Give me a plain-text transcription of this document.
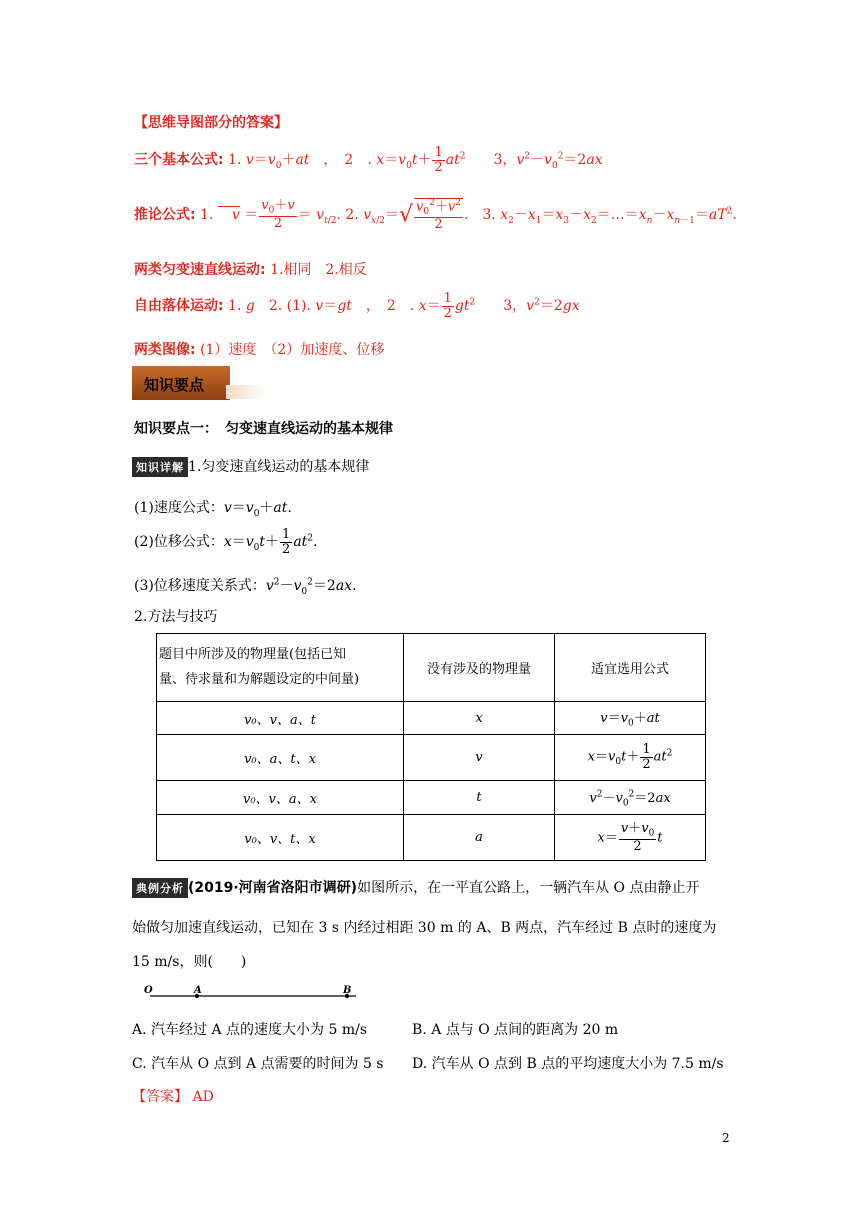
【思维导图部分的答案】
三个基本公式: 1. $v=v_0+at$　，　2　. $x=v_0t+ \frac{1}{2} at^2$　　3，$v^2-v_0^2=2ax$
推论公式: 1. 　$v = \frac{v_0+v}{2} = v_{t/2}$. 2. $v_{x/2}=√ \frac{v_0^2+v^2}{2}$ .　3. $x_2-x_1=x_3-x_2=\dots=x_n-x_{n-1}=aT^2$.
两类匀变速直线运动: 1.相同　2.相反
自由落体运动: 1. g　2. (1). v＝gt　，　2　. $x= \frac{1}{2} gt^2$　　3，$v^2=2gx$
两类图像: (1）速度　（2）加速度、位移
知识要点
知识要点一：　匀变速直线运动的基本规律
知识详解 1.匀变速直线运动的基本规律
(1)速度公式：$v=v_0+at$.
(2)位移公式：$x=v_0t+ \frac{1}{2} at^2$.
(3)位移速度关系式：$v^2-v_0^2=2ax$.
2.方法与技巧
题目中所涉及的物理量(包括已知
量、待求量和为解题设定的中间量)	没有涉及的物理量	适宜选用公式
v₀、v、a、t	x	$v=v_0+at$
v₀、a、t、x	v	$x=v_0t+ \frac{1}{2} at^2$
v₀、v、a、x	t	$v^2-v_0^2=2ax$
v₀、v、t、x	a	$x= \frac{v+v_0}{2}$ t
典例分析 (2019·河南省洛阳市调研)如图所示，在一平直公路上，一辆汽车从 O 点由静止开
始做匀加速直线运动，已知在 3 s 内经过相距 30 m 的 A、B 两点，汽车经过 B 点时的速度为
15 m/s，则(　　)
O	A	B
A. 汽车经过 A 点的速度大小为 5 m/s	B. A 点与 O 点间的距离为 20 m
C. 汽车从 O 点到 A 点需要的时间为 5 s D. 汽车从 O 点到 B 点的平均速度大小为 7.5 m/s
【答案】 AD
2
